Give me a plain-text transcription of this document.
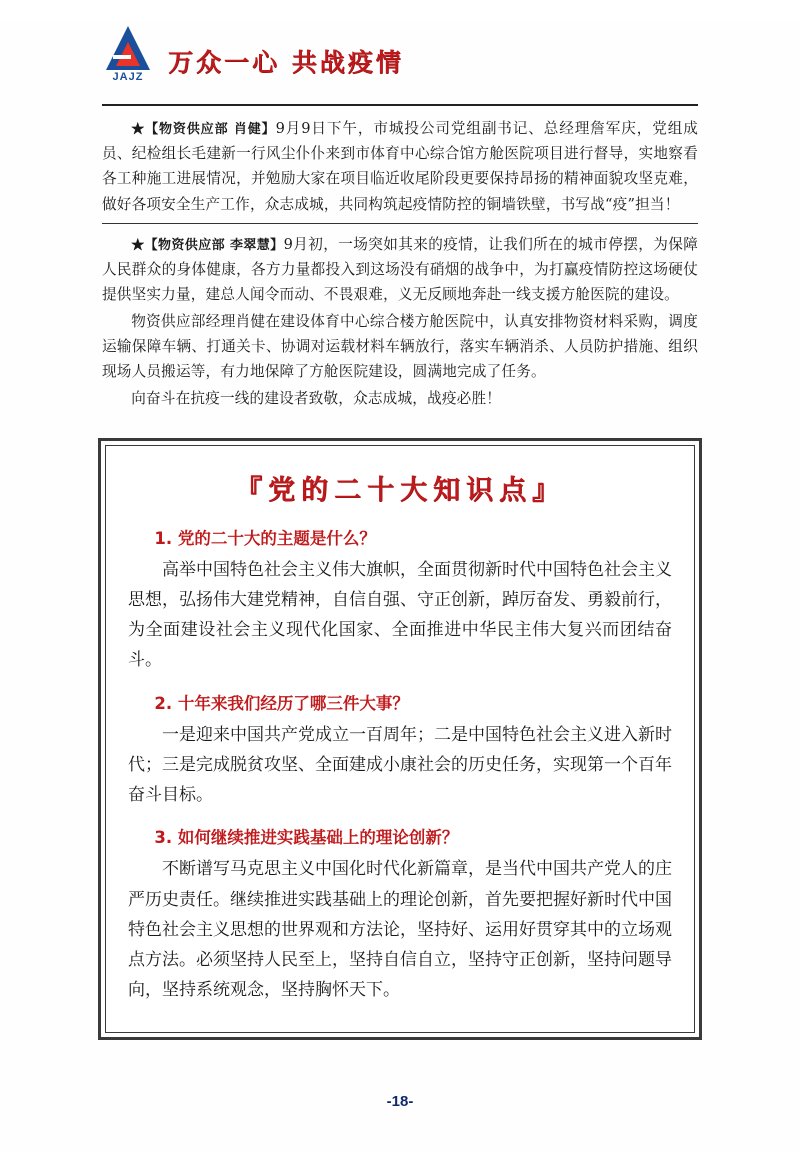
JAJZ 万众一心 共战疫情

★【物资供应部 肖健】9月9日下午，市城投公司党组副书记、总经理詹军庆，党组成员、纪检组长毛建新一行风尘仆仆来到市体育中心综合馆方舱医院项目进行督导，实地察看各工种施工进展情况，并勉励大家在项目临近收尾阶段更要保持昂扬的精神面貌攻坚克难，做好各项安全生产工作，众志成城，共同构筑起疫情防控的铜墙铁壁，书写战“疫”担当！

★【物资供应部 李翠慧】9月初，一场突如其来的疫情，让我们所在的城市停摆，为保障人民群众的身体健康，各方力量都投入到这场没有硝烟的战争中，为打赢疫情防控这场硬仗提供坚实力量，建总人闻令而动、不畏艰难，义无反顾地奔赴一线支援方舱医院的建设。

物资供应部经理肖健在建设体育中心综合楼方舱医院中，认真安排物资材料采购，调度运输保障车辆、打通关卡、协调对运载材料车辆放行，落实车辆消杀、人员防护措施、组织现场人员搬运等，有力地保障了方舱医院建设，圆满地完成了任务。

向奋斗在抗疫一线的建设者致敬，众志成城，战疫必胜！

『党的二十大知识点』
1. 党的二十大的主题是什么？

高举中国特色社会主义伟大旗帜，全面贯彻新时代中国特色社会主义思想，弘扬伟大建党精神，自信自强、守正创新，踔厉奋发、勇毅前行，为全面建设社会主义现代化国家、全面推进中华民主伟大复兴而团结奋斗。

2. 十年来我们经历了哪三件大事？

一是迎来中国共产党成立一百周年；二是中国特色社会主义进入新时代；三是完成脱贫攻坚、全面建成小康社会的历史任务，实现第一个百年奋斗目标。

3. 如何继续推进实践基础上的理论创新？

不断谱写马克思主义中国化时代化新篇章，是当代中国共产党人的庄严历史责任。继续推进实践基础上的理论创新，首先要把握好新时代中国特色社会主义思想的世界观和方法论，坚持好、运用好贯穿其中的立场观点方法。必须坚持人民至上，坚持自信自立，坚持守正创新，坚持问题导向，坚持系统观念，坚持胸怀天下。

-18-
